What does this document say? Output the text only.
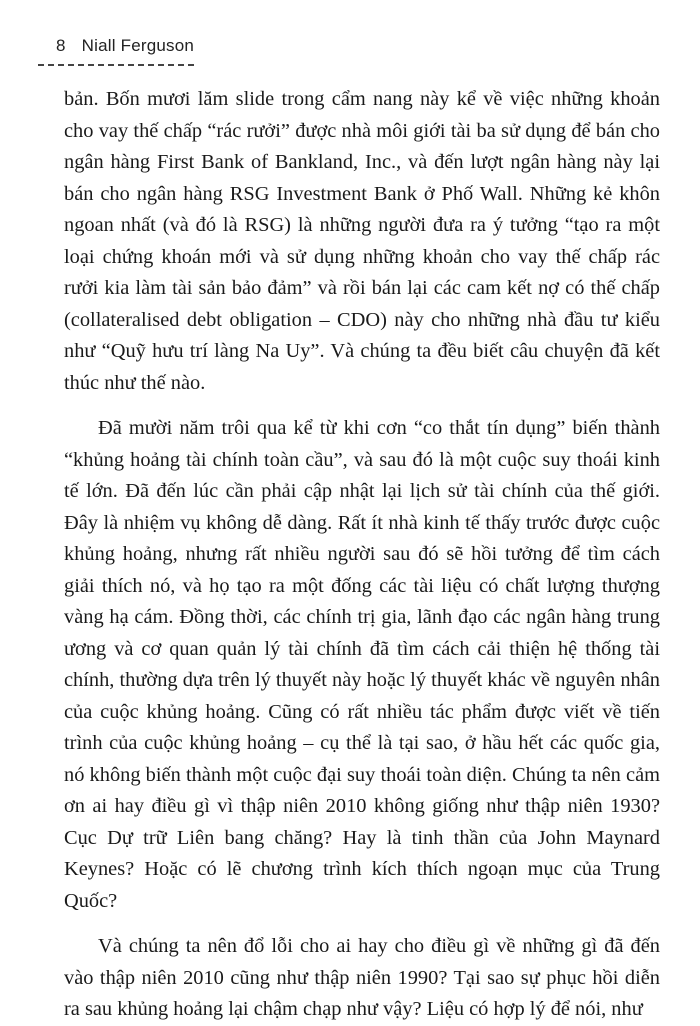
8 Niall Ferguson

bản. Bốn mươi lăm slide trong cẩm nang này kể về việc những khoản cho vay thế chấp “rác rưởi” được nhà môi giới tài ba sử dụng để bán cho ngân hàng First Bank of Bankland, Inc., và đến lượt ngân hàng này lại bán cho ngân hàng RSG Investment Bank ở Phố Wall. Những kẻ khôn ngoan nhất (và đó là RSG) là những người đưa ra ý tưởng “tạo ra một loại chứng khoán mới và sử dụng những khoản cho vay thế chấp rác rưởi kia làm tài sản bảo đảm” và rồi bán lại các cam kết nợ có thế chấp (collateralised debt obligation – CDO) này cho những nhà đầu tư kiểu như “Quỹ hưu trí làng Na Uy”. Và chúng ta đều biết câu chuyện đã kết thúc như thế nào.

Đã mười năm trôi qua kể từ khi cơn “co thắt tín dụng” biến thành “khủng hoảng tài chính toàn cầu”, và sau đó là một cuộc suy thoái kinh tế lớn. Đã đến lúc cần phải cập nhật lại lịch sử tài chính của thế giới. Đây là nhiệm vụ không dễ dàng. Rất ít nhà kinh tế thấy trước được cuộc khủng hoảng, nhưng rất nhiều người sau đó sẽ hồi tưởng để tìm cách giải thích nó, và họ tạo ra một đống các tài liệu có chất lượng thượng vàng hạ cám. Đồng thời, các chính trị gia, lãnh đạo các ngân hàng trung ương và cơ quan quản lý tài chính đã tìm cách cải thiện hệ thống tài chính, thường dựa trên lý thuyết này hoặc lý thuyết khác về nguyên nhân của cuộc khủng hoảng. Cũng có rất nhiều tác phẩm được viết về tiến trình của cuộc khủng hoảng – cụ thể là tại sao, ở hầu hết các quốc gia, nó không biến thành một cuộc đại suy thoái toàn diện. Chúng ta nên cảm ơn ai hay điều gì vì thập niên 2010 không giống như thập niên 1930? Cục Dự trữ Liên bang chăng? Hay là tinh thần của John Maynard Keynes? Hoặc có lẽ chương trình kích thích ngoạn mục của Trung Quốc?

Và chúng ta nên đổ lỗi cho ai hay cho điều gì về những gì đã đến vào thập niên 2010 cũng như thập niên 1990? Tại sao sự phục hồi diễn ra sau khủng hoảng lại chậm chạp như vậy? Liệu có hợp lý để nói, như
